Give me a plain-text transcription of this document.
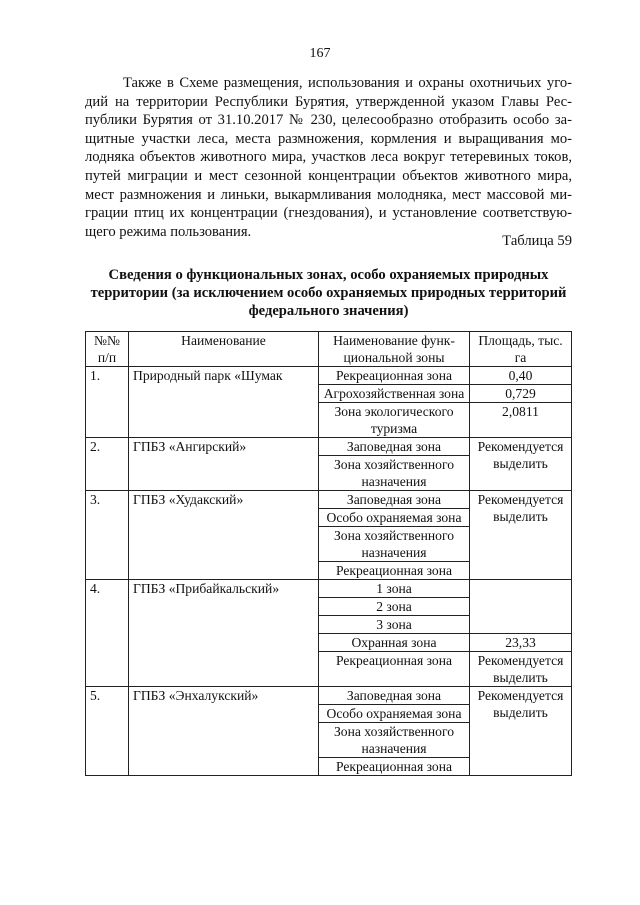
167
Также в Схеме размещения, использования и охраны охотничьих уго-
дий на территории Республики Бурятия, утвержденной указом Главы Рес-
публики Бурятия от 31.10.2017 № 230, целесообразно отобразить особо за-
щитные участки леса, места размножения, кормления и выращивания мо-
лодняка объектов животного мира, участков леса вокруг тетеревиных токов,
путей миграции и мест сезонной концентрации объектов животного мира,
мест размножения и линьки, выкармливания молодняка, мест массовой ми-
грации птиц их концентрации (гнездования), и установление соответствую-
щего режима пользования.
Таблица 59
Сведения о функциональных зонах, особо охраняемых природных
территории (за исключением особо охраняемых природных территорий
федерального значения)
№№ п/п	Наименование	Наименование функ-циональной зоны	Площадь, тыс. га
1.	Природный парк «Шумак	Рекреационная зона	0,40
		Агрохозяйственная зона	0,729
		Зона экологического туризма	2,0811
2.	ГПБЗ «Ангирский»	Заповедная зона	Рекомендуется выделить
		Зона хозяйственного назначения	
3.	ГПБЗ «Худакский»	Заповедная зона	Рекомендуется выделить
		Особо охраняемая зона	
		Зона хозяйственного назначения	
		Рекреационная зона	
4.	ГПБЗ «Прибайкальский»	1 зона	
		2 зона	
		3 зона	
		Охранная зона	23,33
		Рекреационная зона	Рекомендуется выделить
5.	ГПБЗ «Энхалукский»	Заповедная зона	Рекомендуется выделить
		Особо охраняемая зона	
		Зона хозяйственного назначения	
		Рекреационная зона	
